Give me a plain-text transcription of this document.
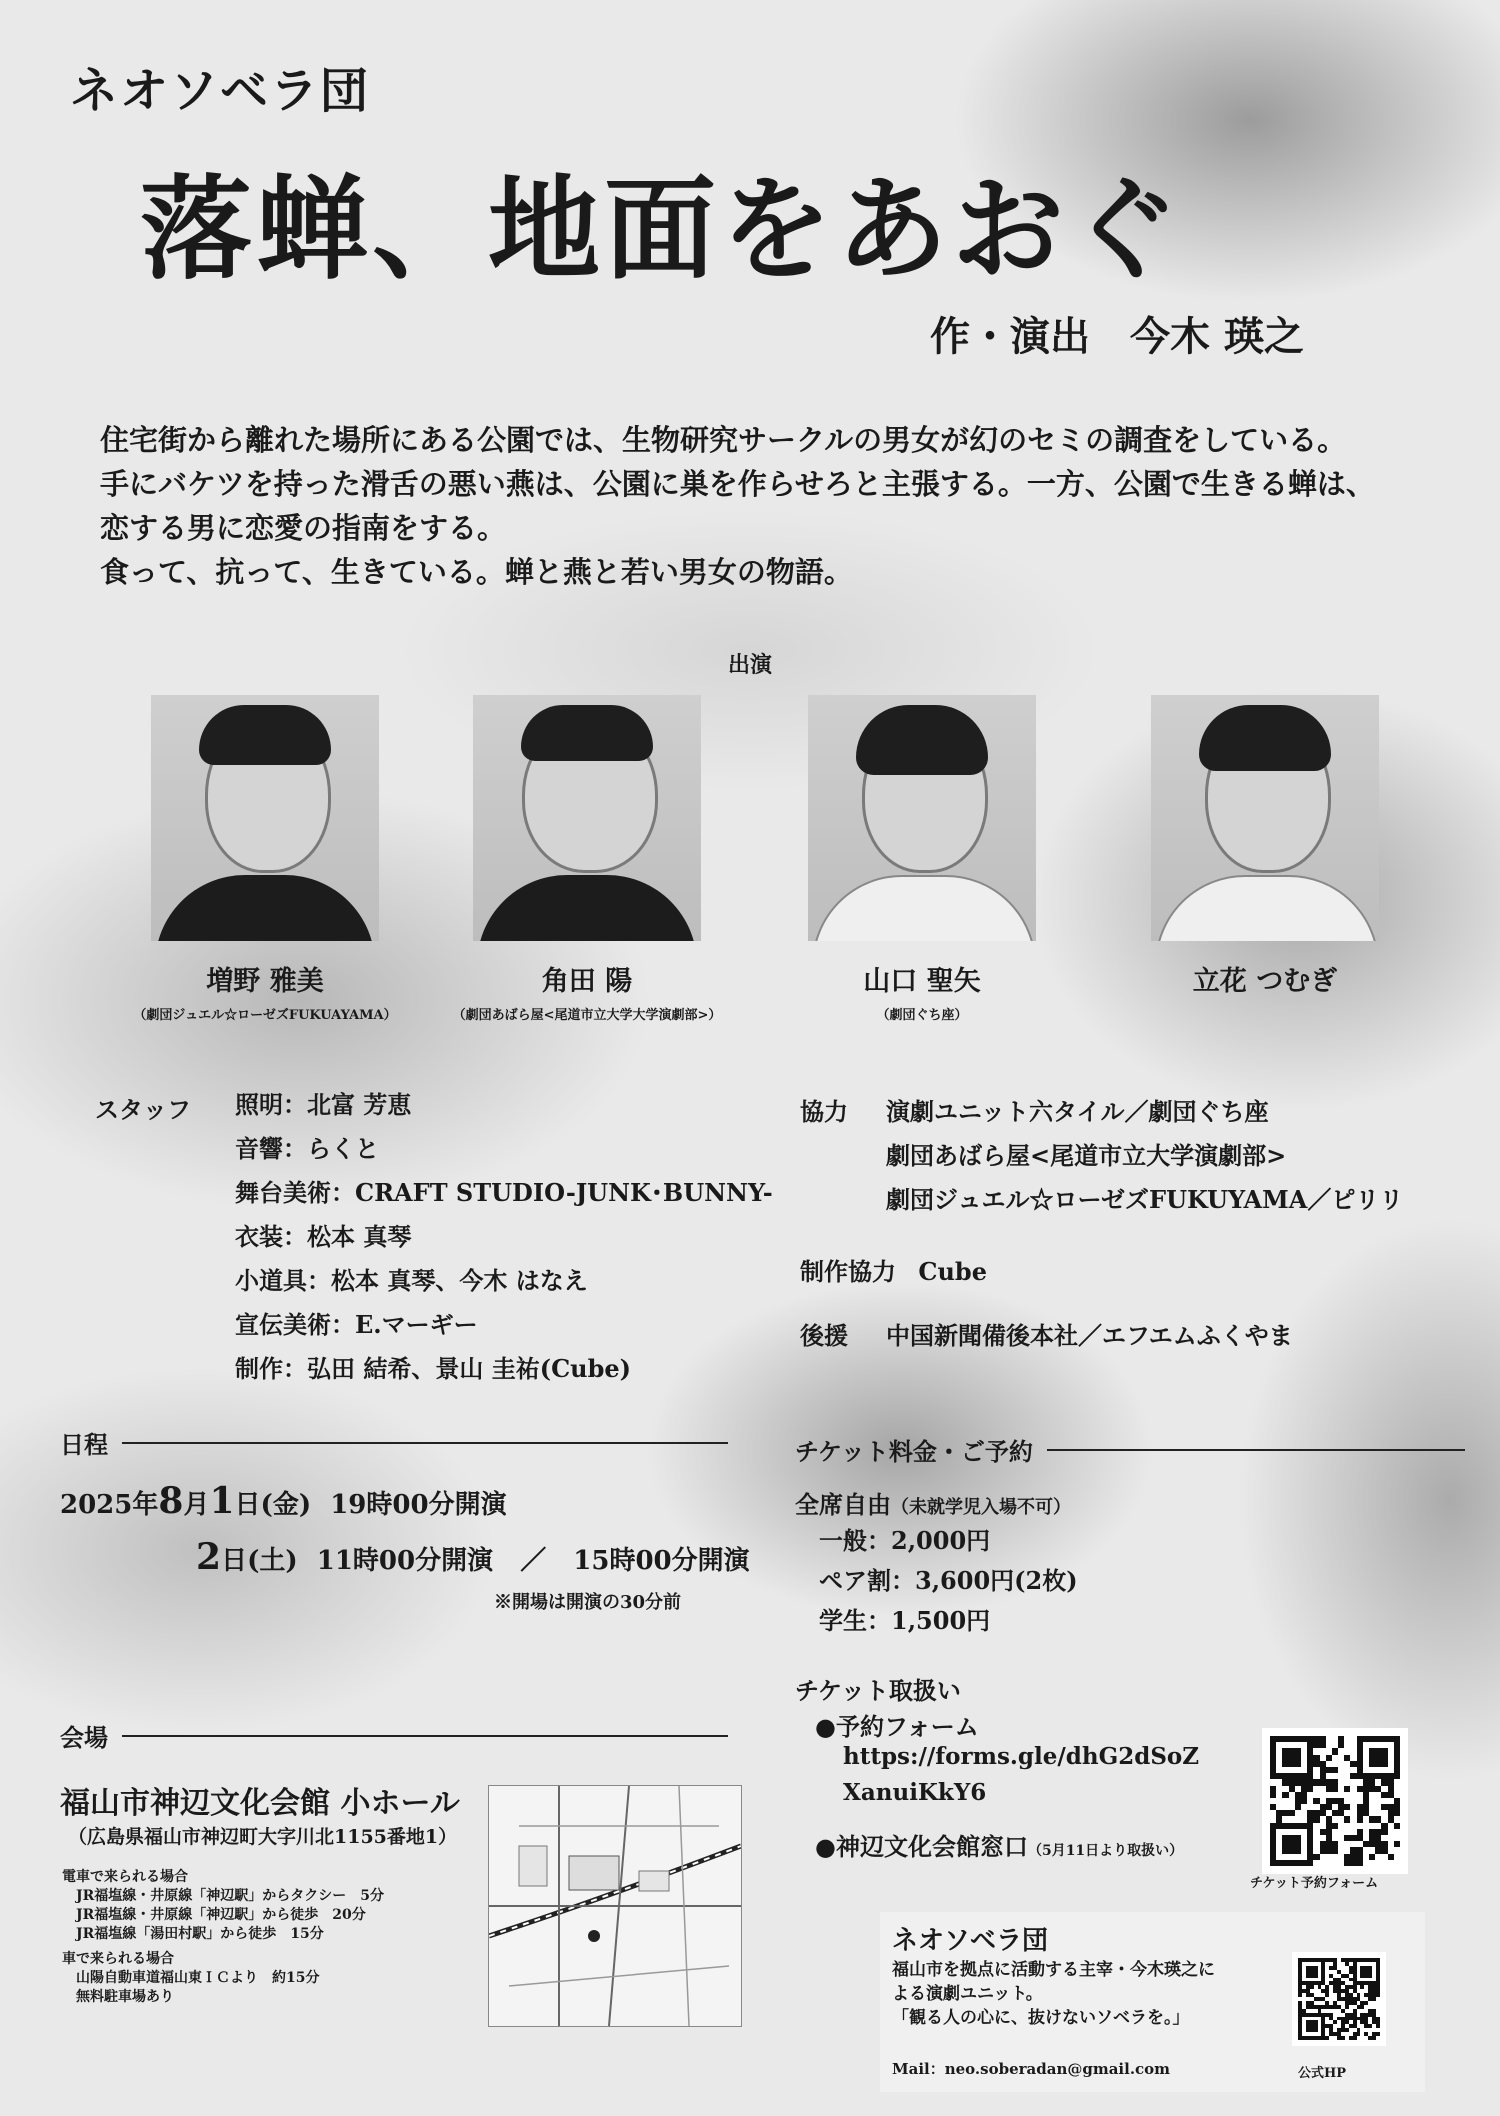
ネオソベラ団
落蝉、地面をあおぐ
作・演出　今木 瑛之
住宅街から離れた場所にある公園では、生物研究サークルの男女が幻のセミの調査をしている。
手にバケツを持った滑舌の悪い燕は、公園に巣を作らせろと主張する。一方、公園で生きる蝉は、
恋する男に恋愛の指南をする。
食って、抗って、生きている。蝉と燕と若い男女の物語。
出演
増野 雅美
（劇団ジュエル☆ローゼズFUKUAYAMA）
角田 陽
（劇団あばら屋<尾道市立大学大学演劇部>）
山口 聖矢
（劇団ぐち座）
立花 つむぎ
スタッフ 照明：北富 芳恵
音響：らくと
舞台美術：CRAFT STUDIO-JUNK･BUNNY-
衣装：松本 真琴
小道具：松本 真琴、今木 はなえ
宣伝美術：E.マーギー
制作：弘田 結希、景山 圭祐(Cube)
協力 演劇ユニット六タイル／劇団ぐち座
劇団あばら屋<尾道市立大学演劇部>
劇団ジュエル☆ローゼズFUKUYAMA／ピリリ
制作協力 Cube
後援 中国新聞備後本社／エフエムふくやま
日程
2025年8月1日(金) 19時00分開演
2日(土) 11時00分開演 ／ 15時00分開演
※開場は開演の30分前
会場
福山市神辺文化会館 小ホール
（広島県福山市神辺町大字川北1155番地1）
電車で来られる場合
JR福塩線・井原線「神辺駅」からタクシー　5分
JR福塩線・井原線「神辺駅」から徒歩　20分
JR福塩線「湯田村駅」から徒歩　15分
車で来られる場合
山陽自動車道福山東ＩＣより　約15分
無料駐車場あり
チケット料金・ご予約
全席自由（未就学児入場不可）
一般：2,000円
ペア割：3,600円(2枚)
学生：1,500円
チケット取扱い
●予約フォーム
https://forms.gle/dhG2dSoZ
XanuiKkY6
●神辺文化会館窓口（5月11日より取扱い）
チケット予約フォーム
ネオソベラ団
福山市を拠点に活動する主宰・今木瑛之に
よる演劇ユニット。
「観る人の心に、抜けないソベラを。」
Mail：neo.soberadan@gmail.com	公式HP
